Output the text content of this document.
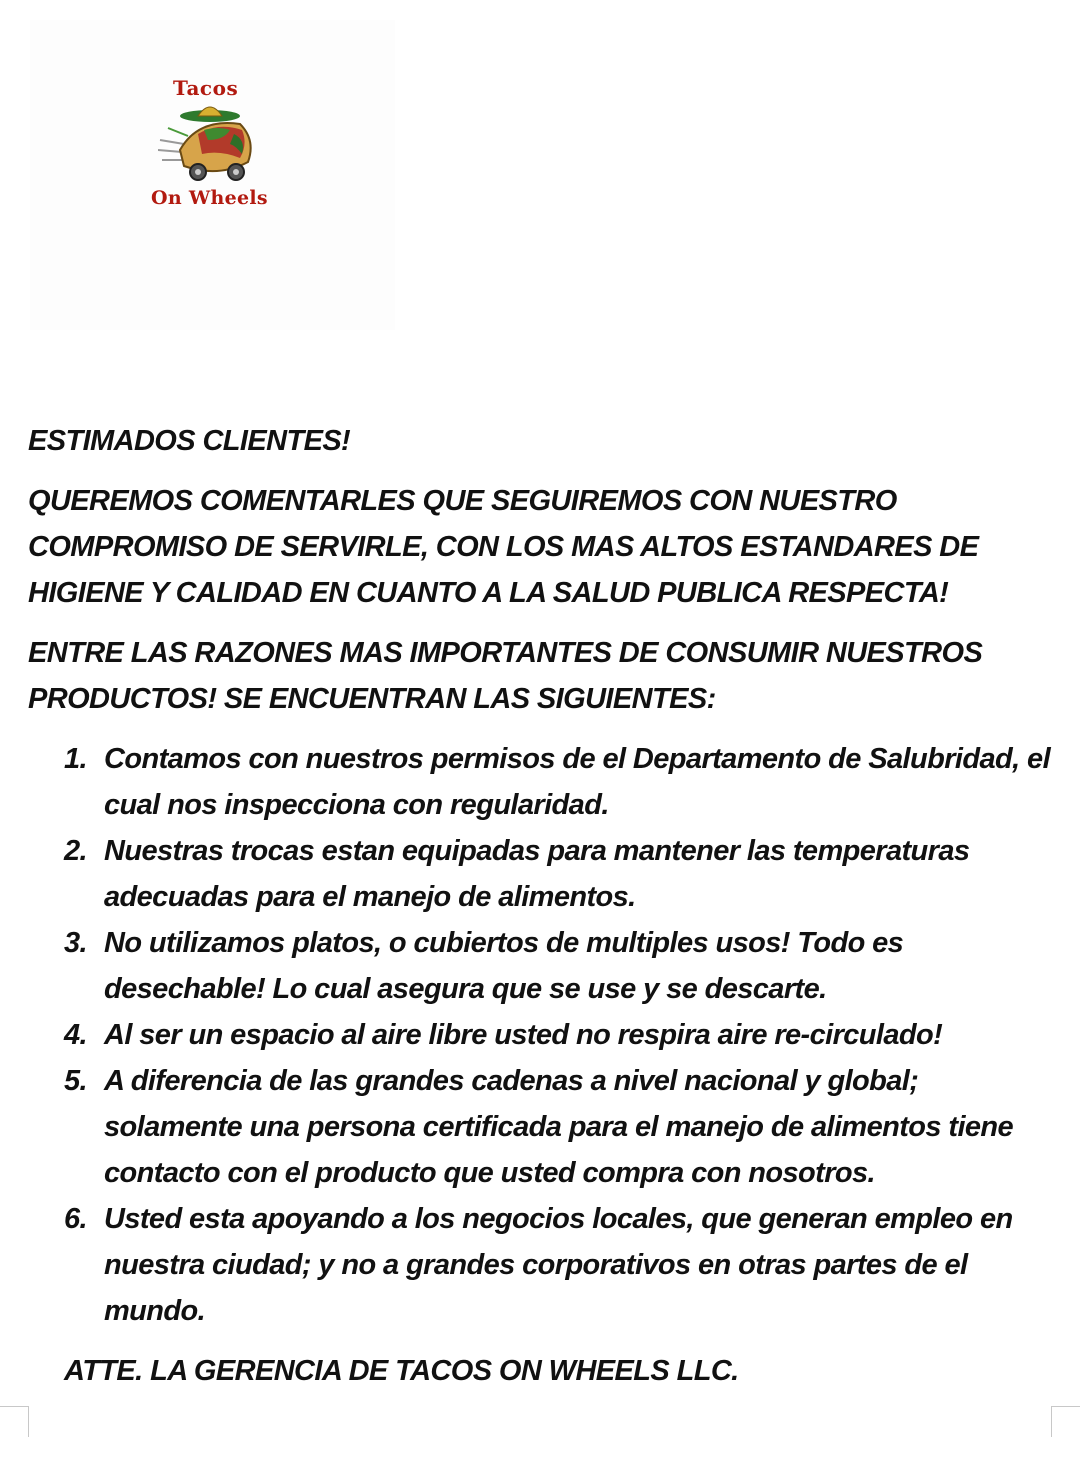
Tacos
On Wheels

ESTIMADOS CLIENTES!

QUEREMOS COMENTARLES QUE SEGUIREMOS CON NUESTRO COMPROMISO DE SERVIRLE, CON LOS MAS ALTOS ESTANDARES DE HIGIENE Y CALIDAD EN CUANTO A LA SALUD PUBLICA RESPECTA!

ENTRE LAS RAZONES MAS IMPORTANTES DE CONSUMIR NUESTROS PRODUCTOS! SE ENCUENTRAN LAS SIGUIENTES:

1. Contamos con nuestros permisos de el Departamento de Salubridad, el cual nos inspecciona con regularidad.
2. Nuestras trocas estan equipadas para mantener las temperaturas adecuadas para el manejo de alimentos.
3. No utilizamos platos, o cubiertos de multiples usos! Todo es desechable! Lo cual asegura que se use y se descarte.
4. Al ser un espacio al aire libre usted no respira aire re-circulado!
5. A diferencia de las grandes cadenas a nivel nacional y global; solamente una persona certificada para el manejo de alimentos tiene contacto con el producto que usted compra con nosotros.
6. Usted esta apoyando a los negocios locales, que generan empleo en nuestra ciudad; y no a grandes corporativos en otras partes de el mundo.

ATTE. LA GERENCIA DE TACOS ON WHEELS LLC.
